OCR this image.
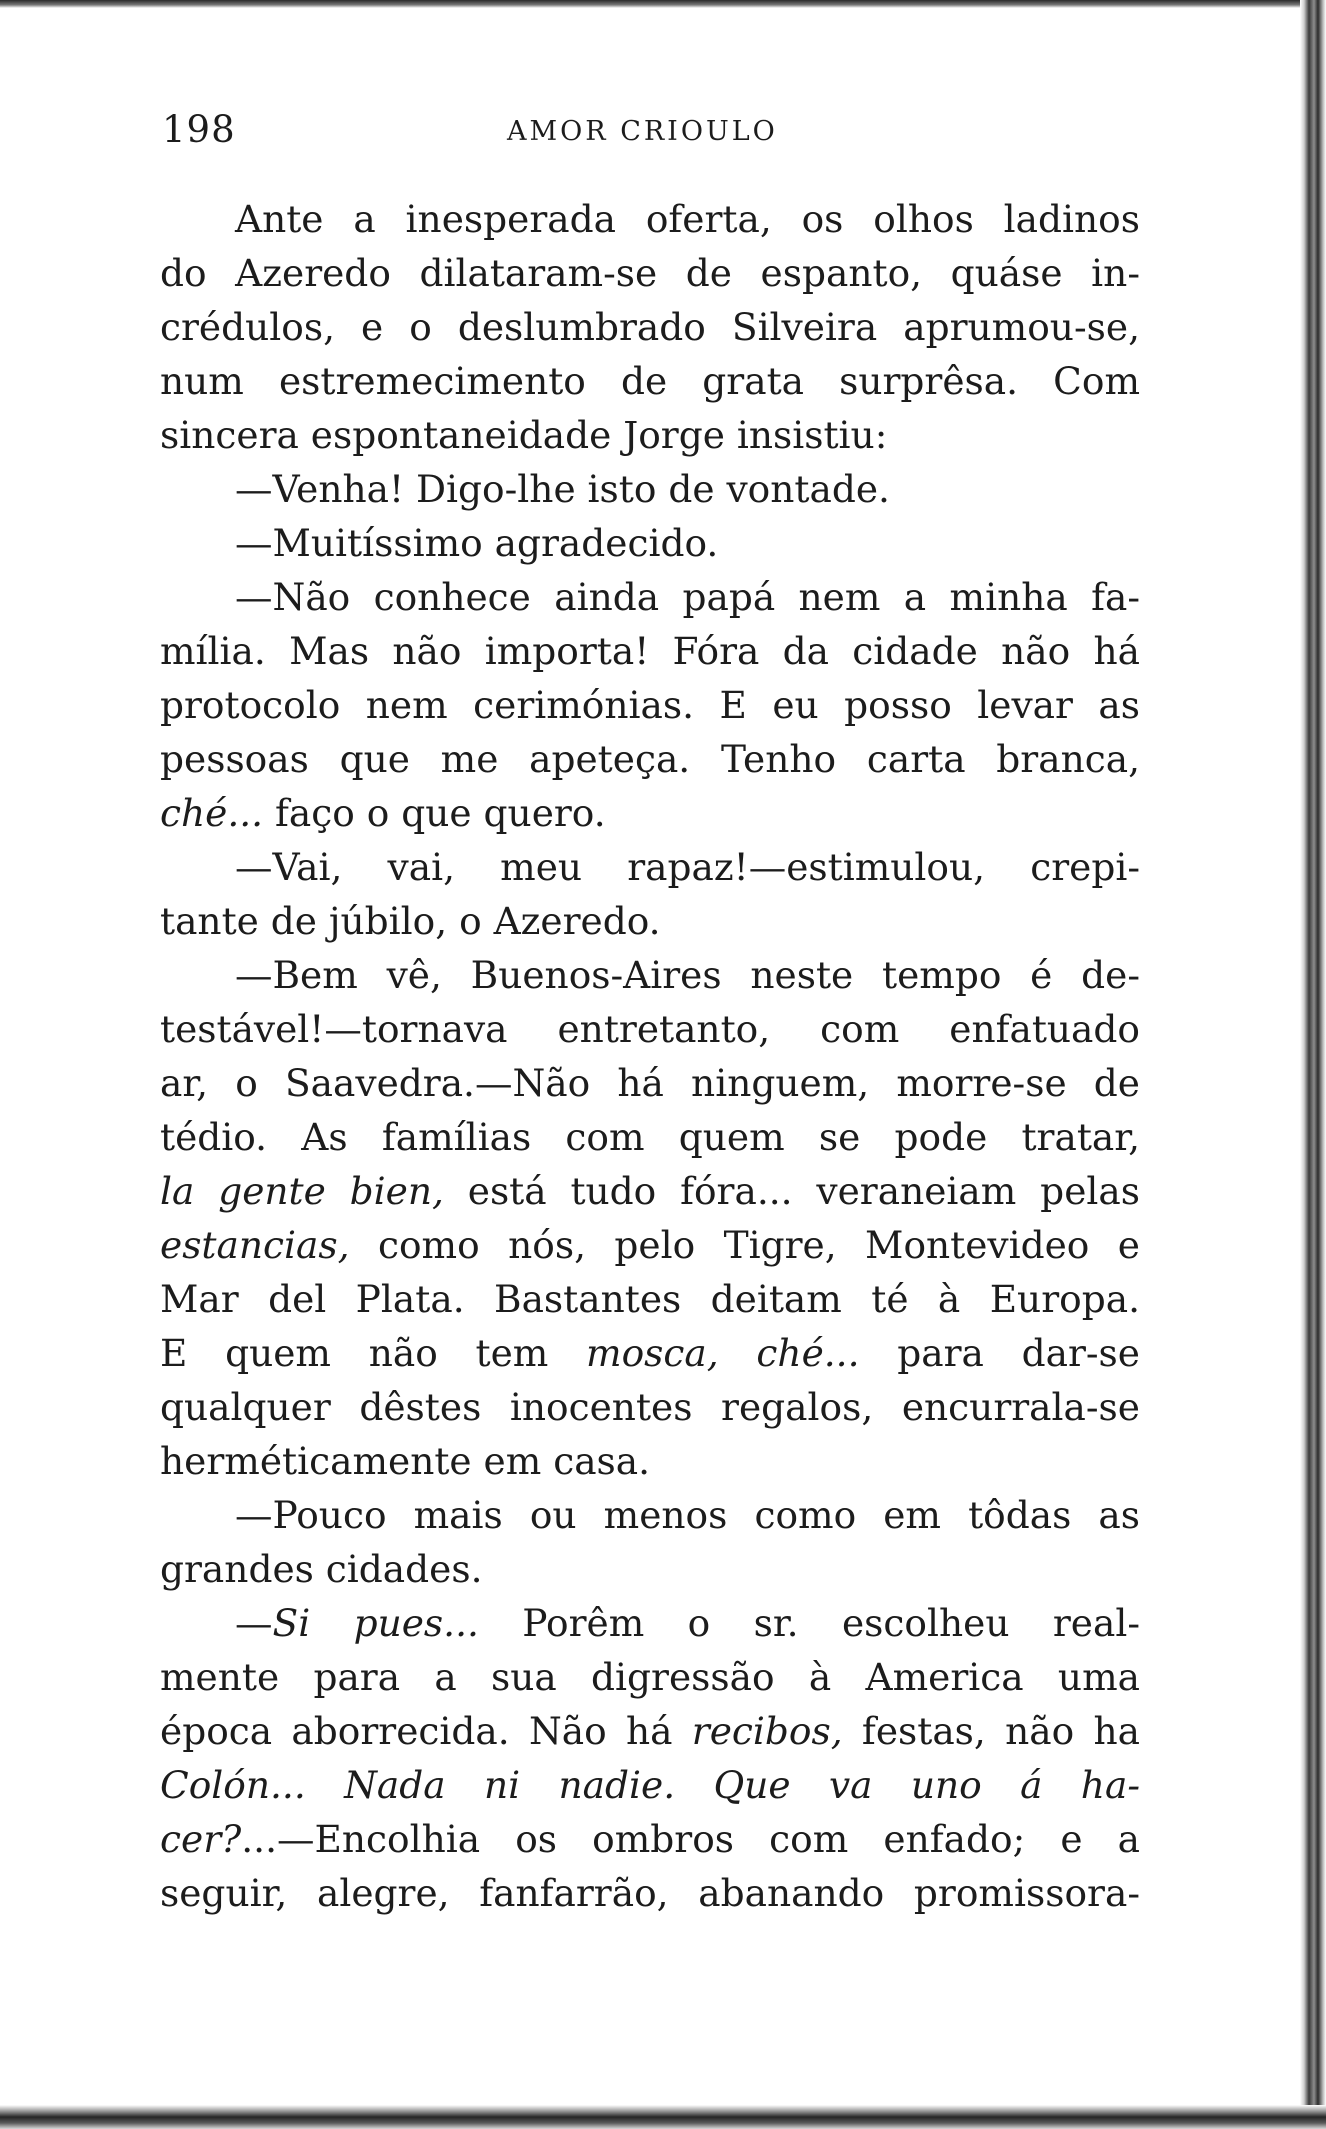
198	AMOR CRIOULO
Ante a inesperada oferta, os olhos ladinos
do Azeredo dilataram-se de espanto, quáse in-
crédulos, e o deslumbrado Silveira aprumou-se,
num estremecimento de grata surprêsa. Com
sincera espontaneidade Jorge insistiu:
—Venha! Digo-lhe isto de vontade.
—Muitíssimo agradecido.
—Não conhece ainda papá nem a minha fa-
mília. Mas não importa! Fóra da cidade não há
protocolo nem cerimónias. E eu posso levar as
pessoas que me apeteça. Tenho carta branca,
ché... faço o que quero.
—Vai, vai, meu rapaz!—estimulou, crepi-
tante de júbilo, o Azeredo.
—Bem vê, Buenos-Aires neste tempo é de-
testável!—tornava entretanto, com enfatuado
ar, o Saavedra.—Não há ninguem, morre-se de
tédio. As famílias com quem se pode tratar,
la gente bien, está tudo fóra... veraneiam pelas
estancias, como nós, pelo Tigre, Montevideo e
Mar del Plata. Bastantes deitam té à Europa.
E quem não tem mosca, ché... para dar-se
qualquer dêstes inocentes regalos, encurrala-se
herméticamente em casa.
—Pouco mais ou menos como em tôdas as
grandes cidades.
—Si pues... Porêm o sr. escolheu real-
mente para a sua digressão à America uma
época aborrecida. Não há recibos, festas, não ha
Colón... Nada ni nadie. Que va uno á ha-
cer?...—Encolhia os ombros com enfado; e a
seguir, alegre, fanfarrão, abanando promissora-
